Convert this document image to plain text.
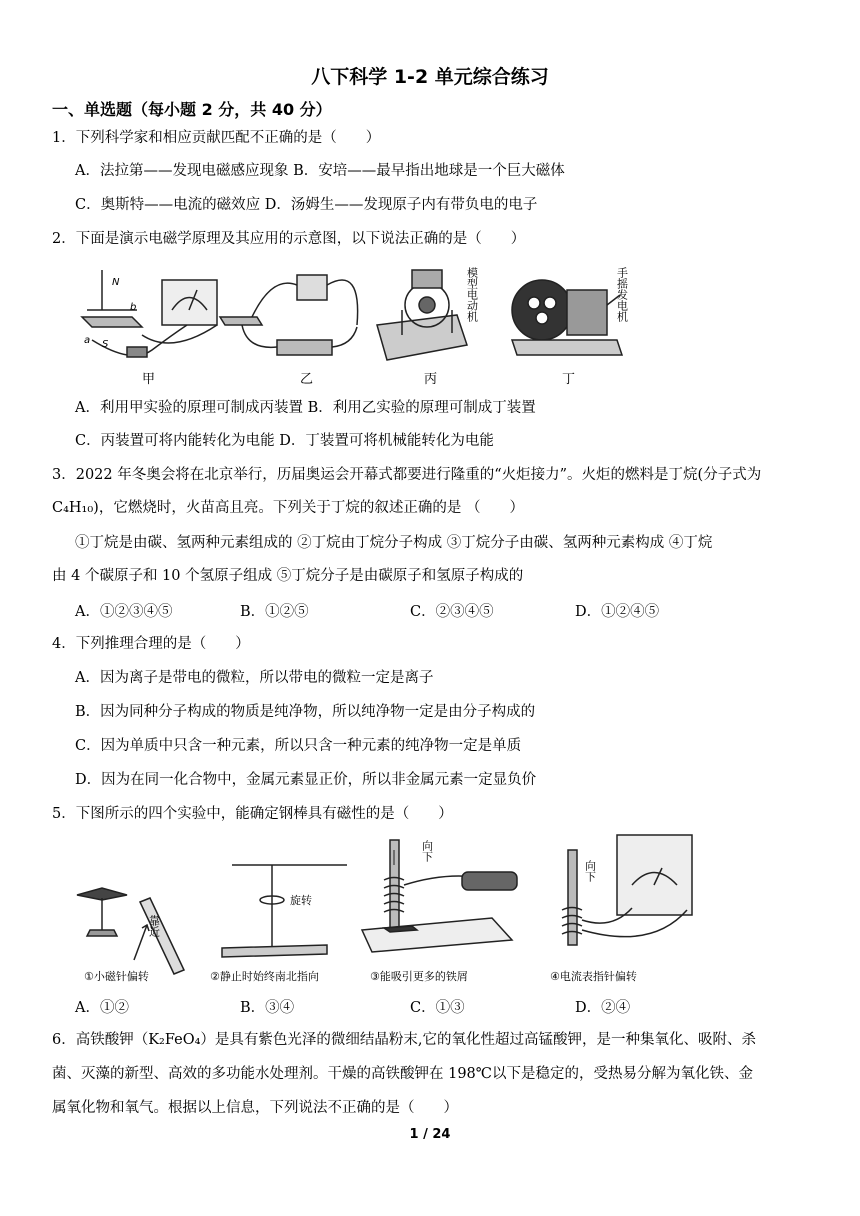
八下科学 1-2 单元综合练习
一、单选题（每小题 2 分，共 40 分）
1．下列科学家和相应贡献匹配不正确的是（　　）
A．法拉第——发现电磁感应现象 B．安培——最早指出地球是一个巨大磁体
C．奥斯特——电流的磁效应 D．汤姆生——发现原子内有带负电的电子
2．下面是演示电磁学原理及其应用的示意图，以下说法正确的是（　　）
N
b
S
a
甲	乙
模型电动机
丙
手摇发电机
丁
A．利用甲实验的原理可制成丙装置 B．利用乙实验的原理可制成丁装置
C．丙装置可将内能转化为电能 D．丁装置可将机械能转化为电能
3．2022 年冬奥会将在北京举行，历届奥运会开幕式都要进行隆重的“火炬接力”。火炬的燃料是丁烷(分子式为
C₄H₁₀)，它燃烧时，火苗高且亮。下列关于丁烷的叙述正确的是 （　　）
①丁烷是由碳、氢两种元素组成的 ②丁烷由丁烷分子构成 ③丁烷分子由碳、氢两种元素构成 ④丁烷
由 4 个碳原子和 10 个氢原子组成 ⑤丁烷分子是由碳原子和氢原子构成的
A．①②③④⑤	B．①②⑤	C．②③④⑤	D．①②④⑤
4．下列推理合理的是（　　）
A．因为离子是带电的微粒，所以带电的微粒一定是离子
B．因为同种分子构成的物质是纯净物，所以纯净物一定是由分子构成的
C．因为单质中只含一种元素，所以只含一种元素的纯净物一定是单质
D．因为在同一化合物中，金属元素显正价，所以非金属元素一定显负价
5．下图所示的四个实验中，能确定钢棒具有磁性的是（　　）
靠近
①小磁针偏转
旋转
②静止时始终南北指向
向下
③能吸引更多的铁屑
向下
④电流表指针偏转
A．①②	B．③④	C．①③	D．②④
6．高铁酸钾（K₂FeO₄）是具有紫色光泽的微细结晶粉末,它的氧化性超过高锰酸钾，是一种集氧化、吸附、杀
菌、灭藻的新型、高效的多功能水处理剂。干燥的高铁酸钾在 198℃以下是稳定的，受热易分解为氧化铁、金
属氧化物和氧气。根据以上信息，下列说法不正确的是（　　）
1 / 24
